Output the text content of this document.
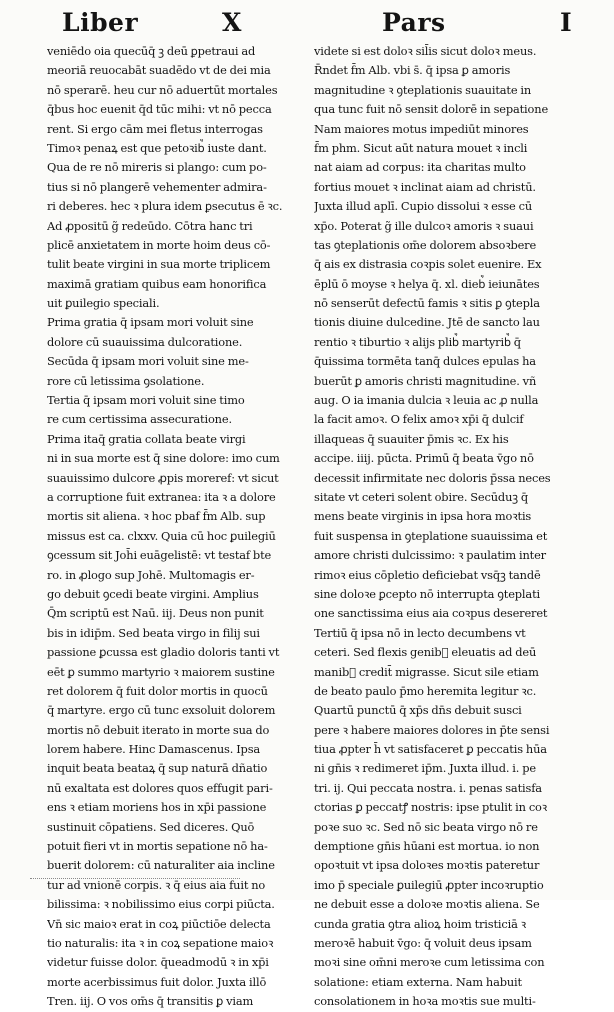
Liber	X	Pars	I
veniēdo oia quecūq̄ ꝫ deū ꝑpetraui ad
meoriā reuocabāt suadēdo vt de dei mia
nō sperarē. heu cur nō aduertūt mortales
q̄bus hoc euenit q̄d tūc mihi: vt nō pecca
rent. Si ergo cām mei fletus interrogas
Timoꝛ penaꝝ est que petoꝛib᷒ iuste dant.
Qua de re nō mireris si plango: cum po-
tius si nō plangerē vehementer admira-
ri deberes. hec ꝛ plura idem ꝑsecutus ē ꝛc.
Ad ꝓpositū g̃ redeūdo. Cōtra hanc tri
plicē anxietatem in morte hoim deus cō-
tulit beate virgini in sua morte triplicem
maximā gratiam quibus eam honorifica
uit ꝑuilegio speciali.
Prima gratia q̄ ipsam mori voluit sine
dolore cū suauissima dulcoratione.
Secūda q̄ ipsam mori voluit sine me-
rore cū letissima ꝯsolatione.
Tertia q̄ ipsam mori voluit sine timo
re cum certissima assecuratione.
Prima itaq̄ gratia collata beate virgi
ni in sua morte est q̄ sine dolore: imo cum
suauissimo dulcore ꝓpis moreref: vt sicut
a corruptione fuit extranea: ita ꝛ a dolore
mortis sit aliena. ꝛ hoc pbaf f̄m Alb. sup
missus est ca. clxxv. Quia cū hoc ꝑuilegiū
ꝯcessum sit Joh̄i euāgelistē: vt testaf bte
ro. in ꝓlogo sup Johē. Multomagis er-
go debuit ꝯcedi beate virgini. Amplius
Q̄m scriptū est Naū. iij. Deus non punit
bis in idip̄m. Sed beata virgo in filij sui
passione ꝑcussa est gladio doloris tanti vt
eēt ꝑ summo martyrio ꝛ maiorem sustine
ret dolorem q̄ fuit dolor mortis in quocū
q̄ martyre. ergo cū tunc exsoluit dolorem
mortis nō debuit iterato in morte sua do
lorem habere. Hinc Damascenus. Ipsa
inquit beata beataꝝ q̄ sup naturā dñatio
nū exaltata est dolores quos effugit pari-
ens ꝛ etiam moriens hos in xp̄i passione
sustinuit cōpatiens. Sed diceres. Quō
potuit fieri vt in mortis sepatione nō ha-
buerit dolorem: cū naturaliter aia incline
tur ad vnionē corpis. ꝛ q̄ eius aia fuit no
bilissima: ꝛ nobilissimo eius corpi piūcta.
Vn̄ sic maioꝛ erat in coꝝ piūctiōe delecta
tio naturalis: ita ꝛ in coꝝ sepatione maioꝛ
videtur fuisse dolor. q̄ueadmodū ꝛ in xp̄i
morte acerbissimus fuit dolor. Juxta illō
Tren. iij. O vos om̄s q̄ transitis ꝑ viam
videte si est doloꝛ sil̄is sicut doloꝛ meus.
R̄ndet f̄m Alb. vbi s̄. q̄ ipsa ꝑ amoris
magnitudine ꝛ ꝯteplationis suauitate in
qua tunc fuit nō sensit dolorē in sepatione
Nam maiores motus impediūt minores
f̄m phm. Sicut aūt natura mouet ꝛ incli
nat aiam ad corpus: ita charitas multo
fortius mouet ꝛ inclinat aiam ad christū.
Juxta illud aplī. Cupio dissolui ꝛ esse cū
xp̄o. Poterat g̃ ille dulcoꝛ amoris ꝛ suaui
tas ꝯteplationis om̄e dolorem absoꝛbere
q̄ ais ex distrasia coꝛpis solet euenire. Ex
ēplū ō moyse ꝛ helya q̄. xl. dieb᷒ ieiunātes
nō senserūt defectū famis ꝛ sitis ꝑ ꝯtepla
tionis diuine dulcedine. Jtē de sancto lau
rentio ꝛ tiburtio ꝛ alijs plib᷒ martyrib᷒ q̄
q̄uissima tormēta tanq̄ dulces epulas ha
buerūt ꝑ amoris christi magnitudine. vñ
aug. O ia imania dulcia ꝛ leuia ac ꝓ nulla
la facit amoꝛ. O felix amoꝛ xp̄i q̄ dulcif
illaqueas q̄ suauiter p̄mis ꝛc. Ex his
accipe. iiij. pūcta. Primū q̄ beata v̄go nō
decessit infirmitate nec doloris p̄ssa neces
sitate vt ceteri solent obire. Secūduꝫ q̄
mens beate virginis in ipsa hora moꝛtis
fuit suspensa in ꝯteplatione suauissima et
amore christi dulcissimo: ꝛ paulatim inter
rimoꝛ eius cōpletio deficiebat vsq̄ꝫ tandē
sine doloꝛe ꝑcepto nō interrupta ꝯteplati
one sanctissima eius aia coꝛpus desereret
Tertiū q̄ ipsa nō in lecto decumbens vt
ceteri. Sed flexis genib᷒ eleuatis ad deū
manib᷒ credit̄ migrasse. Sicut sile etiam
de beato paulo p̄mo heremita legitur ꝛc.
Quartū punctū q̄ xp̄s dn̄s debuit susci
pere ꝛ habere maiores dolores in p̄te sensi
tiua ꝓpter h̄ vt satisfaceret ꝑ peccatis hūa
ni gn̄is ꝛ redimeret ip̄m. Juxta illud. i. pe
tri. ij. Qui peccata nostra. i. penas satisfa
ctorias ꝑ peccatꝭ nostris: ipse ptulit in coꝛ
poꝛe suo ꝛc. Sed nō sic beata virgo nō re
demptione gn̄is hūani est mortua. io non
opoꝛtuit vt ipsa doloꝛes moꝛtis pateretur
imo p̄ speciale ꝑuilegiū ꝓpter incoꝛruptio
ne debuit esse a doloꝛe moꝛtis aliena. Se
cunda gratia ꝯtra alioꝝ hoim tristiciā ꝛ
meroꝛē habuit v̄go: q̄ voluit deus ipsam
moꝛi sine om̄ni meroꝛe cum letissima con
solatione: etiam externa. Nam habuit
consolationem in hoꝛa moꝛtis sue multi-
